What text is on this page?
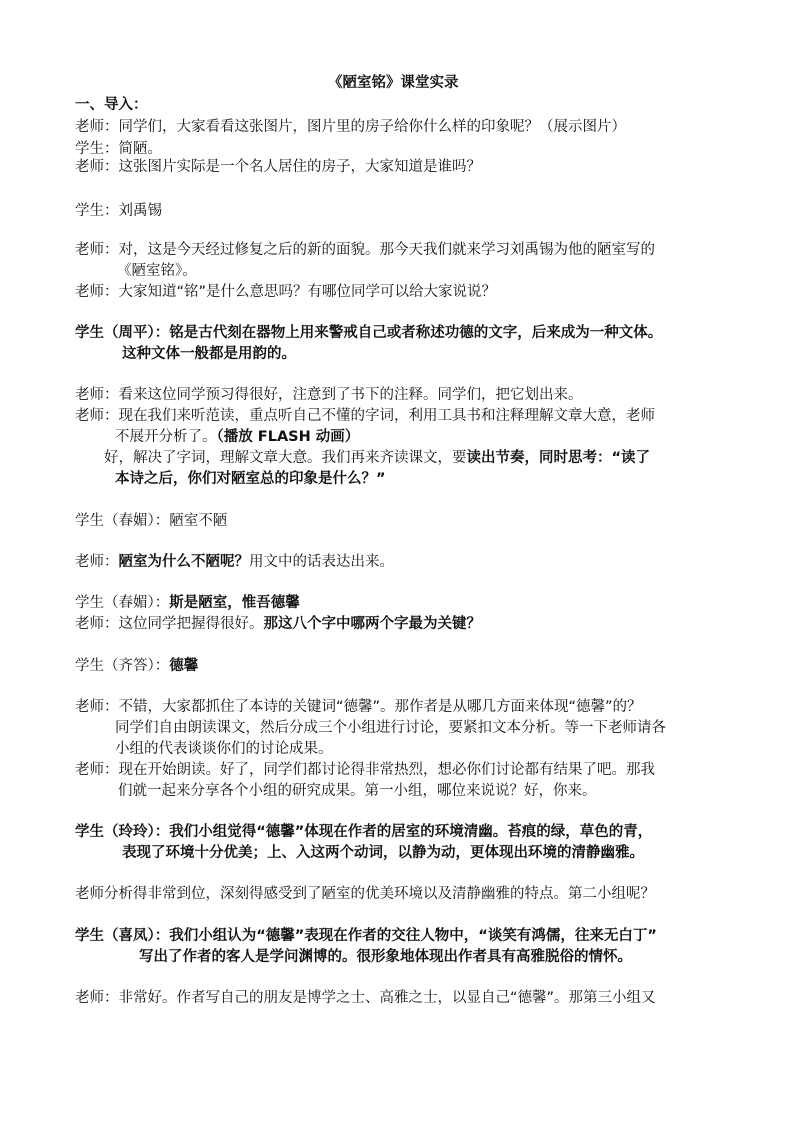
《陋室铭》课堂实录

一、导入：

老师：同学们，大家看看这张图片，图片里的房子给你什么样的印象呢？（展示图片）

学生：简陋。

老师：这张图片实际是一个名人居住的房子，大家知道是谁吗？

学生：刘禹锡

老师：对，这是今天经过修复之后的新的面貌。那今天我们就来学习刘禹锡为他的陋室写的

《陋室铭》。

老师：大家知道“铭”是什么意思吗？有哪位同学可以给大家说说？

学生（周平）：铭是古代刻在器物上用来警戒自己或者称述功德的文字，后来成为一种文体。

这种文体一般都是用韵的。

老师：看来这位同学预习得很好，注意到了书下的注释。同学们，把它划出来。

老师：现在我们来听范读，重点听自己不懂的字词，利用工具书和注释理解文章大意，老师

不展开分析了。（播放 FLASH 动画）

好，解决了字词，理解文章大意。我们再来齐读课文，要读出节奏，同时思考：“读了

本诗之后，你们对陋室总的印象是什么？”

学生（春媚）：陋室不陋

老师：陋室为什么不陋呢？用文中的话表达出来。

学生（春媚）：斯是陋室，惟吾德馨

老师：这位同学把握得很好。那这八个字中哪两个字最为关键？

学生（齐答）：德馨

老师：不错，大家都抓住了本诗的关键词“德馨”。那作者是从哪几方面来体现“德馨”的？

同学们自由朗读课文，然后分成三个小组进行讨论，要紧扣文本分析。等一下老师请各

小组的代表谈谈你们的讨论成果。

老师：现在开始朗读。好了，同学们都讨论得非常热烈，想必你们讨论都有结果了吧。那我

们就一起来分享各个小组的研究成果。第一小组，哪位来说说？好，你来。

学生（玲玲）：我们小组觉得“德馨”体现在作者的居室的环境清幽。苔痕的绿，草色的青，

表现了环境十分优美；上、入这两个动词，以静为动，更体现出环境的清静幽雅。

老师分析得非常到位，深刻得感受到了陋室的优美环境以及清静幽雅的特点。第二小组呢？

学生（喜凤）：我们小组认为“德馨”表现在作者的交往人物中，“谈笑有鸿儒，往来无白丁”

写出了作者的客人是学问渊博的。很形象地体现出作者具有高雅脱俗的情怀。

老师：非常好。作者写自己的朋友是博学之士、高雅之士，以显自己“德馨”。那第三小组又
